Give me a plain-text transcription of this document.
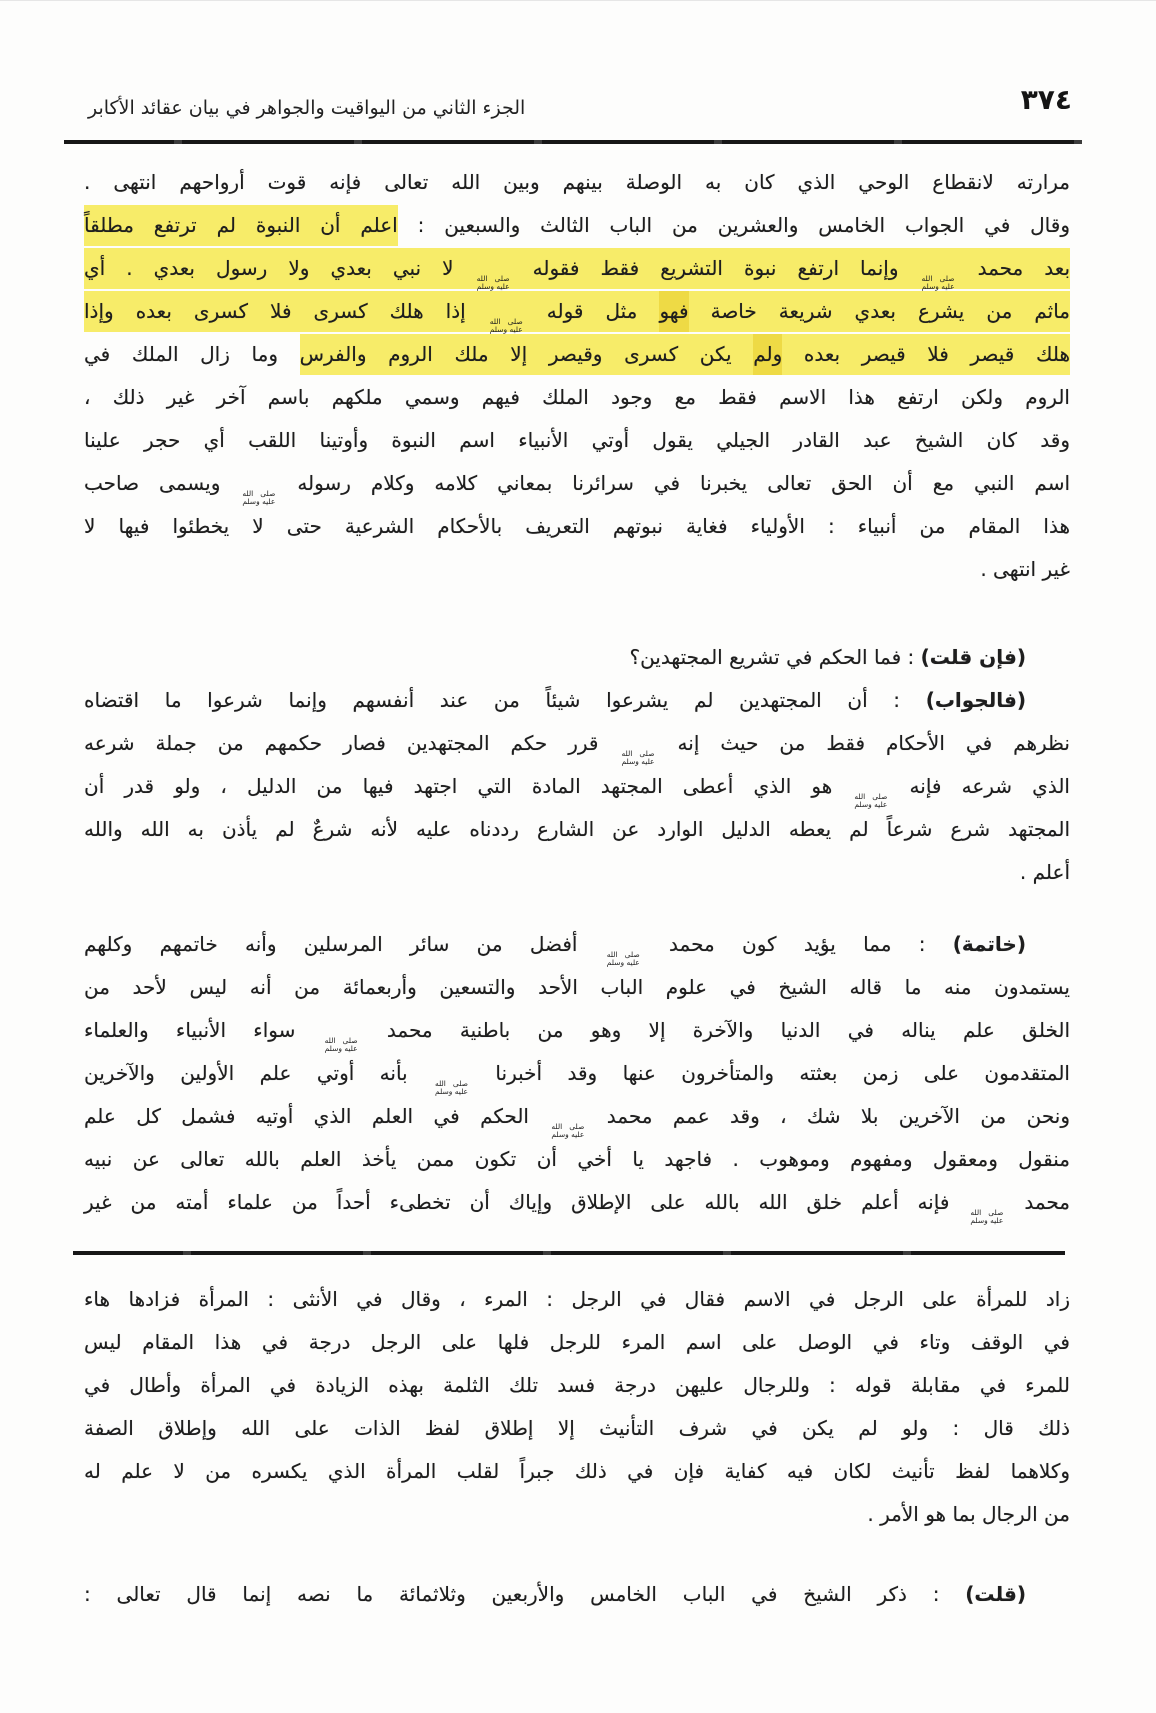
الجزء الثاني من اليواقيت والجواهر في بيان عقائد الأكابر	٣٧٤
مرارته لانقطاع الوحي الذي كان به الوصلة بينهم وبين الله تعالى فإنه قوت أرواحهم انتهى .
وقال في الجواب الخامس والعشرين من الباب الثالث والسبعين : اعلم أن النبوة لم ترتفع مطلقاً
بعد محمد
صلى الله
عليه وسلم
وإنما ارتفع نبوة التشريع فقط فقوله
صلى الله
عليه وسلم
لا نبي بعدي ولا رسول بعدي . أي
ماثم من يشرع بعدي شريعة خاصة فهو مثل قوله
صلى الله
عليه وسلم
إذا هلك كسرى فلا كسرى بعده وإذا
هلك قيصر فلا قيصر بعده ولم يكن كسرى وقيصر إلا ملك الروم والفرس وما زال الملك في
الروم ولكن ارتفع هذا الاسم فقط مع وجود الملك فيهم وسمي ملكهم باسم آخر غير ذلك ،
وقد كان الشيخ عبد القادر الجيلي يقول أوتي الأنبياء اسم النبوة وأوتينا اللقب أي حجر علينا
اسم النبي مع أن الحق تعالى يخبرنا في سرائرنا بمعاني كلامه وكلام رسوله
صلى الله
عليه وسلم
ويسمى صاحب
هذا المقام من أنبياء : الأولياء فغاية نبوتهم التعريف بالأحكام الشرعية حتى لا يخطئوا فيها لا
غير انتهى .
(فإن قلت) : فما الحكم في تشريع المجتهدين؟
(فالجواب) : أن المجتهدين لم يشرعوا شيئاً من عند أنفسهم وإنما شرعوا ما اقتضاه
نظرهم في الأحكام فقط من حيث إنه
صلى الله
عليه وسلم
قرر حكم المجتهدين فصار حكمهم من جملة شرعه
الذي شرعه فإنه
صلى الله
عليه وسلم
هو الذي أعطى المجتهد المادة التي اجتهد فيها من الدليل ، ولو قدر أن
المجتهد شرع شرعاً لم يعطه الدليل الوارد عن الشارع رددناه عليه لأنه شرعٌ لم يأذن به الله والله
أعلم .
(خاتمة) : مما يؤيد كون محمد
صلى الله
عليه وسلم
أفضل من سائر المرسلين وأنه خاتمهم وكلهم
يستمدون منه ما قاله الشيخ في علوم الباب الأحد والتسعين وأربعمائة من أنه ليس لأحد من
الخلق علم يناله في الدنيا والآخرة إلا وهو من باطنية محمد
صلى الله
عليه وسلم
سواء الأنبياء والعلماء
المتقدمون على زمن بعثته والمتأخرون عنها وقد أخبرنا
صلى الله
عليه وسلم
بأنه أوتي علم الأولين والآخرين
ونحن من الآخرين بلا شك ، وقد عمم محمد
صلى الله
عليه وسلم
الحكم في العلم الذي أوتيه فشمل كل علم
منقول ومعقول ومفهوم وموهوب . فاجهد يا أخي أن تكون ممن يأخذ العلم بالله تعالى عن نبيه
محمد
صلى الله
عليه وسلم
فإنه أعلم خلق الله بالله على الإطلاق وإياك أن تخطىء أحداً من علماء أمته من غير
زاد للمرأة على الرجل في الاسم فقال في الرجل : المرء ، وقال في الأنثى : المرأة فزادها هاء
في الوقف وتاء في الوصل على اسم المرء للرجل فلها على الرجل درجة في هذا المقام ليس
للمرء في مقابلة قوله : وللرجال عليهن درجة فسد تلك الثلمة بهذه الزيادة في المرأة وأطال في
ذلك قال : ولو لم يكن في شرف التأنيث إلا إطلاق لفظ الذات على الله وإطلاق الصفة
وكلاهما لفظ تأنيث لكان فيه كفاية فإن في ذلك جبراً لقلب المرأة الذي يكسره من لا علم له
من الرجال بما هو الأمر .
(قلت) : ذكر الشيخ في الباب الخامس والأربعين وثلاثمائة ما نصه إنما قال تعالى :
